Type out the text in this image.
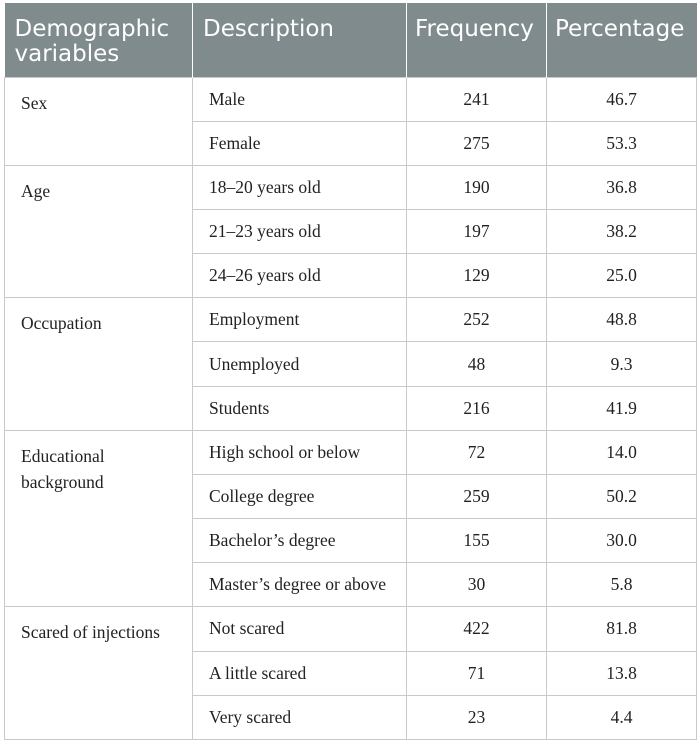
Demographic variables	Description	Frequency	Percentage
Sex	Male	241	46.7
	Female	275	53.3
Age	18–20 years old	190	36.8
	21–23 years old	197	38.2
	24–26 years old	129	25.0
Occupation	Employment	252	48.8
	Unemployed	48	9.3
	Students	216	41.9
Educational background	High school or below	72	14.0
	College degree	259	50.2
	Bachelor’s degree	155	30.0
	Master’s degree or above	30	5.8
Scared of injections	Not scared	422	81.8
	A little scared	71	13.8
	Very scared	23	4.4
